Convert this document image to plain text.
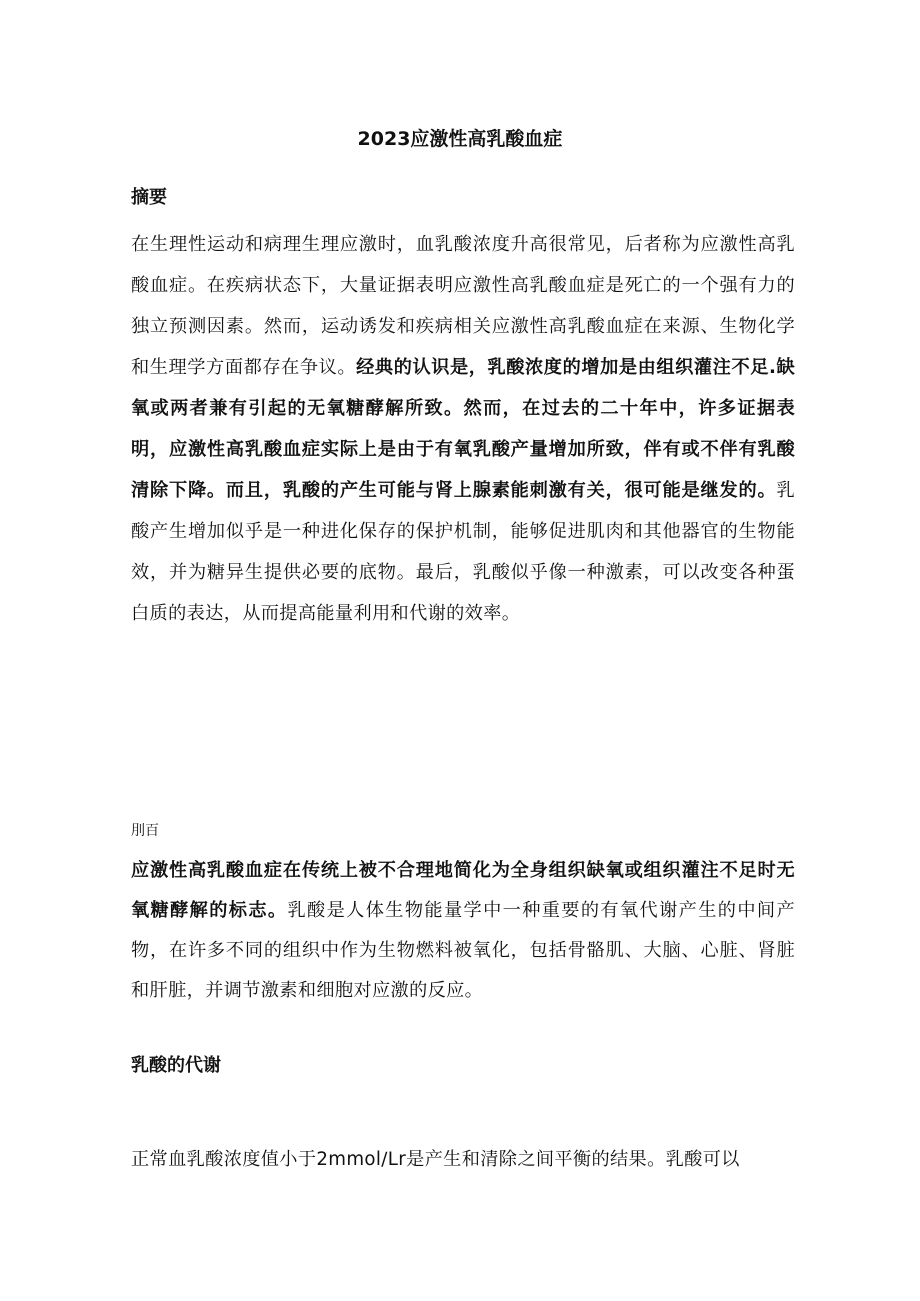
2023应激性高乳酸血症
摘要

在生理性运动和病理生理应激时，血乳酸浓度升高很常见，后者称为应激性高乳酸血症。在疾病状态下，大量证据表明应激性高乳酸血症是死亡的一个强有力的独立预测因素。然而，运动诱发和疾病相关应激性高乳酸血症在来源、生物化学和生理学方面都存在争议。经典的认识是，乳酸浓度的增加是由组织灌注不足.缺氧或两者兼有引起的无氧糖酵解所致。然而，在过去的二十年中，许多证据表明，应激性高乳酸血症实际上是由于有氧乳酸产量增加所致，伴有或不伴有乳酸清除下降。而且，乳酸的产生可能与肾上腺素能刺激有关，很可能是继发的。乳酸产生增加似乎是一种进化保存的保护机制，能够促进肌肉和其他器官的生物能效，并为糖异生提供必要的底物。最后，乳酸似乎像一种激素，可以改变各种蛋白质的表达，从而提高能量利用和代谢的效率。

刖百

应激性高乳酸血症在传统上被不合理地简化为全身组织缺氧或组织灌注不足时无氧糖酵解的标志。乳酸是人体生物能量学中一种重要的有氧代谢产生的中间产物，在许多不同的组织中作为生物燃料被氧化，包括骨骼肌、大脑、心脏、肾脏和肝脏，并调节激素和细胞对应激的反应。

乳酸的代谢

正常血乳酸浓度值小于2mmol∕Lr是产生和清除之间平衡的结果。乳酸可以
